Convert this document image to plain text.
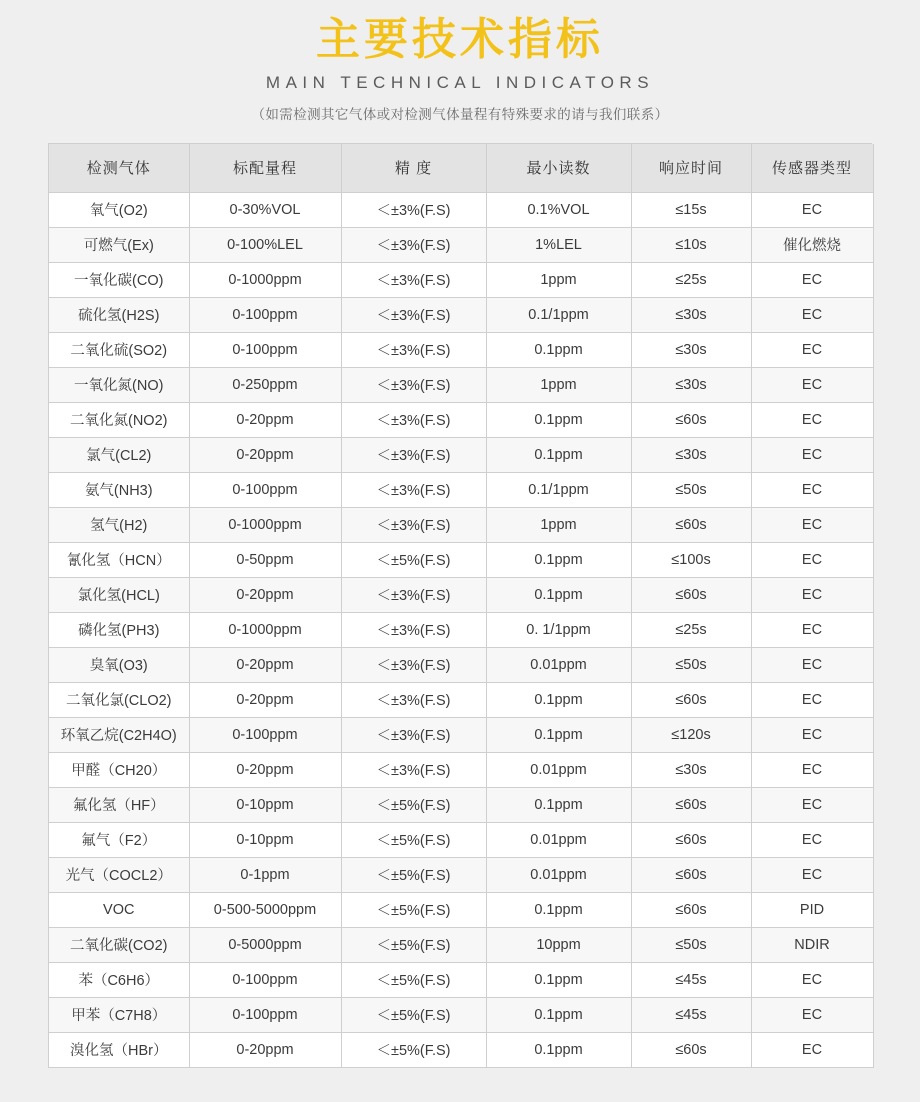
主要技术指标
MAIN TECHNICAL INDICATORS
（如需检测其它气体或对检测气体量程有特殊要求的请与我们联系）
检测气体	标配量程	精 度	最小读数	响应时间	传感器类型
氧气(O2)	0-30%VOL	＜±3%(F.S)	0.1%VOL	≤15s	EC
可燃气(Ex)	0-100%LEL	＜±3%(F.S)	1%LEL	≤10s	催化燃烧
一氧化碳(CO)	0-1000ppm	＜±3%(F.S)	1ppm	≤25s	EC
硫化氢(H2S)	0-100ppm	＜±3%(F.S)	0.1/1ppm	≤30s	EC
二氧化硫(SO2)	0-100ppm	＜±3%(F.S)	0.1ppm	≤30s	EC
一氧化氮(NO)	0-250ppm	＜±3%(F.S)	1ppm	≤30s	EC
二氧化氮(NO2)	0-20ppm	＜±3%(F.S)	0.1ppm	≤60s	EC
氯气(CL2)	0-20ppm	＜±3%(F.S)	0.1ppm	≤30s	EC
氨气(NH3)	0-100ppm	＜±3%(F.S)	0.1/1ppm	≤50s	EC
氢气(H2)	0-1000ppm	＜±3%(F.S)	1ppm	≤60s	EC
氰化氢（HCN）	0-50ppm	＜±5%(F.S)	0.1ppm	≤100s	EC
氯化氢(HCL)	0-20ppm	＜±3%(F.S)	0.1ppm	≤60s	EC
磷化氢(PH3)	0-1000ppm	＜±3%(F.S)	0. 1/1ppm	≤25s	EC
臭氧(O3)	0-20ppm	＜±3%(F.S)	0.01ppm	≤50s	EC
二氧化氯(CLO2)	0-20ppm	＜±3%(F.S)	0.1ppm	≤60s	EC
环氧乙烷(C2H4O)	0-100ppm	＜±3%(F.S)	0.1ppm	≤120s	EC
甲醛（CH20）	0-20ppm	＜±3%(F.S)	0.01ppm	≤30s	EC
氟化氢（HF）	0-10ppm	＜±5%(F.S)	0.1ppm	≤60s	EC
氟气（F2）	0-10ppm	＜±5%(F.S)	0.01ppm	≤60s	EC
光气（COCL2）	0-1ppm	＜±5%(F.S)	0.01ppm	≤60s	EC
VOC	0-500-5000ppm	＜±5%(F.S)	0.1ppm	≤60s	PID
二氧化碳(CO2)	0-5000ppm	＜±5%(F.S)	10ppm	≤50s	NDIR
苯（C6H6）	0-100ppm	＜±5%(F.S)	0.1ppm	≤45s	EC
甲苯（C7H8）	0-100ppm	＜±5%(F.S)	0.1ppm	≤45s	EC
溴化氢（HBr）	0-20ppm	＜±5%(F.S)	0.1ppm	≤60s	EC
